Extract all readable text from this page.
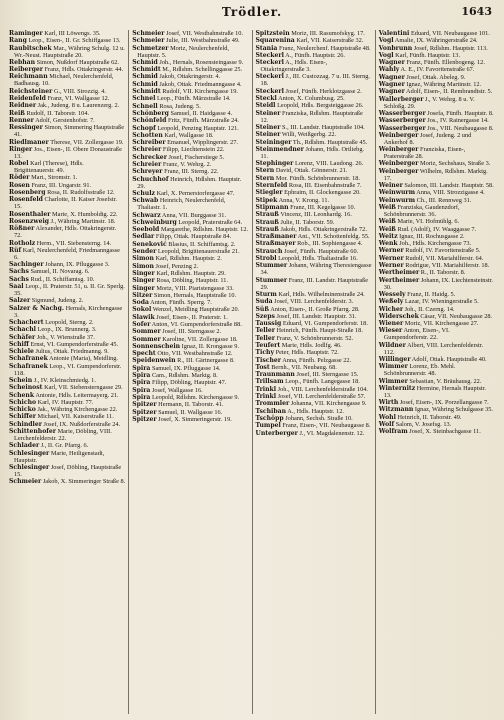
Trödler.	1643
Raminger Karl, III Löwengs. 35.
Rang Leop., Eisen-, II. Gr. Schiffgasse 13.
Raubitschek Mar., Währing Schulg. 12 u. Wr.-Neust. Hauptstraße 20.
Rebhan Simon, Nußdorf Hauptstraße 62.
Reiberger Franz, Hdls. Ottakringerstr. 44.
Reichmann Michael, Neulerchenfeld, Badhausg. 10.
Reichsteiner G., VIII. Strozzig. 4.
Reidenfeld Franz, VI. Wallgasse 12.
Reidner Jak., Judeng. 8 u. Laurenzerg. 2.
Reiß Rudolf, II. Taborstr. 104.
Renner Adolf, Gerstenhofstr. 7.
Ressinger Simon, Simmering Hauptstraße 41.
Riedlmaner Therese, VII. Zollergasse 19.
Ringer Jos., Eisen-, II. Obere Donaustraße 13.
Robel Karl (Therese), Hdls. Brigittenauerstr. 49.
Röder Mart., Stromstr. 1.
Rosen Franz, III. Ungarstr. 91.
Rosenberg Rosa, II. Rudolfsstraße 12.
Rosenfeld Charlotte, II. Kaiser Josefstr. 15.
Rosenthaler Marie, X. Humboldtg. 22.
Rosenzweig J., Währing Martinstr. 18.
Rößner Alexander, Hdls. Ottakringerstr. 72.
Rotholz Herm., VII. Siebensterng. 14.
Rüf Karl, Neulerchenfeld, Friedmanngasse 6.
Sachinger Johann, IX. Pfluggasse 3.
Sachs Samuel, II. Novarag. 6.
Sachs Rud., II. Schiffamtsg. 10.
Saal Leop., II. Praterstr. 51, u. II. Gr. Sperlg. 35.
Salzer Sigmund, Judeng. 2.
Salzer & Nachg. Hernals, Kirchengasse 3.
Schachert Leopold, Sterng. 2.
Schachl Leop., IX. Brunnerg. 3.
Schäfer Joh., V. Wienstraße 37.
Schiff Ernst, VI. Gumpendorferstraße 45.
Schiele Julius, Ottak. Friedmanng. 9.
Schafranek Antonie (Maria), Meidling.
Schafranek Leop., VI. Gumpendorferstr. 118.
Schein J., IV. Kleinschmiedg. 1.
Scheinost Karl, VII. Siebensterngasse 29.
Schenk Antonie, Hdls. Leitermayerg. 21.
Schicho Karl, IV. Hauptstr. 77.
Schicko Jak., Währing Kirchengasse 22.
Schiffer Michael, VII. Kaiserstraße 11.
Schindler Josef, IX. Nußdorferstraße 24.
Schittenhofer Marie, Döbling, VIII. Lerchenfelderstr. 22.
Schlader J., II. Gr. Pfarrg. 6.
Schlesinger Marie, Heiligenstadt, Hauptstr.
Schlesinger Josef, Döbling, Hauptstraße 15.
Schmeier Jakob, X. Simmeringer Straße 8.
Schmeier Josef, VII. Westbahnstraße 10.
Schmeier Julie, III. Westbahnstraße 49.
Schmetzer Moriz, Neulerchenfeld, Hauptstr. 5.
Schmid Joh., Hernals, Rosensteingasse 9.
Schmidt M., Rdlshm. Schellinggasse 25.
Schmid Jakob, Ottakringerstr. 4.
Schmid Jakob, Ottak. Friedmanngasse 4.
Schmidt Rudolf, VII. Kirchengasse 19.
Schnel Leop., Fünfh. Märzstraße 14.
Schnell Rosa, Judeng. 5.
Schönberg Samuel, II. Haidgasse 4.
Schönfeld Fritz, Fünfh. Märzstraße 24.
Schopf Leopold, Penzing Hauptstr. 121.
Schotten Karl, Wallgasse 18.
Schreiber Emanuel, Wipplingerstr. 27.
Schreier Filipp, Liechtenstein 22.
Schrecker Josef, Fischerstiege 5.
Schreier Franz, V. Wehrg. 2.
Schreyer Franz, III. Sterng. 22.
Schuchhof Heinrich, Hdlshm. Hauptstr. 29.
Schulz Karl, X. Pernerstorfergasse 47.
Schwab Heinrich, Neulerchenfeld, Thaliastr. 1.
Schwarz Anna, VII. Burggasse 31.
Schweinburg Leopold, Praterstraße 64.
Seebold Margarethe, Rdlshm. Hauptstr. 12.
Sedlar Filipp, Ottak. Hauptstraße 84.
Seneković Blasius, II. Schiffamtsg. 2.
Sender Leopold, Brigittenauerstraße 21.
Simon Karl, Rdlshm. Hauptstr. 2.
Simon Josef, Penzing 2.
Singer Karl, Rdlshm. Hauptstr. 29.
Singer Rosa, Döbling, Hauptstr. 11.
Singer Moriz, VIII. Piaristengasse 33.
Sitzer Simon, Hernals, Hauptstraße 10.
Soda Anton, Fünfh. Sperrg. 7.
Sokol Wenzel, Meidling Hauptstraße 20.
Slawik Josef, Eisen-, II. Praterstr. 1.
Sofer Anton, VI. Gumpendorferstraße 88.
Sommer Josef, III. Sterngasse 2.
Sommer Karoline, VII. Zollergasse 18.
Sonnenschein Ignaz, II. Krongasse 9.
Specht Otto, VII. Westbahnstraße 12.
Speidenwein R., III. Gärtnergasse 8.
Spira Samuel, IX. Pfluggasse 14.
Spira Cam., Rdlshm. Marktg. 8.
Spira Filipp, Döbling, Hauptstr. 47.
Spira Josef, Wallgasse 16.
Spira Leopold, Rdlshm. Kirchengasse 9.
Spitzer Hermann, II. Taborstr. 41.
Spitzer Samuel, II. Wallgasse 16.
Spitzer Josef, X. Simmeringerstr. 19.
Spitzstein Moriz, III. Rasumofskyg. 17.
Squarenina Karl, VII. Kaiserstraße 32.
Stania Franz, Neulerchenf. Hauptstraße 48.
Steckerl A., Fünfh. Hauptstr. 26.
Steckerl A., Hdls. Eisen-, Ottakringerstraße 3.
Steckerl J., III. Custozzag. 7 u. III. Sterng. 18.
Steckerl Josef, Fünfh. Herklotzgasse 2.
Steckl Anton, X. Columbusg. 25.
Steidl Leopold, Hdls. Bergsteiggasse 26.
Steiner Franziska, Rdlshm. Hauptstraße 12.
Steiner S., III. Landstr. Hauptstraße 104.
Steiner Willi, Weißgerbg. 22.
Steininger Th., Rdlshm. Hauptstraße 45.
Steinmendner Johann, Hdls. Ortliebg. 11.
Stephinger Lorenz, VIII. Laudong. 26.
Stern David, Ottak. Gönnerstr. 21.
Stern Mor. Fünfh. Schönbrunnerstr. 18.
Sternfeld Rosa, III. Eisenbahnstraße 7.
Stiegler Ephraim, II. Glockengasse 20.
Stipek Anna, V. Krong. 11.
Stipmann Franz, III. Kegelgasse 10.
Strauß Vincenz, III. Leonhardg. 16.
Strauß Julie, II. Taborstr. 59.
Strauß Jakob, Hdls. Ottakringerstraße 72.
Straßmaner Ant., VII. Schottenfeldg. 55.
Straßmayer Rob., III. Sophiengasse 4.
Strauch Josef, Fünfh. Hauptstraße 60.
Strobl Leopold, Hdls. Thaliastraße 16.
Stummer Johann, Währing Theresiengasse 34.
Stummer Franz, III. Landstr. Hauptstraße 29.
Sturm Karl, Hdls. Wilhelminenstraße 24.
Suda Josef, VIII. Lerchenfelderstr. 3.
Süß Anton, Eisen-, II. Große Pfarrg. 28.
Szeps Josef, III. Landstr. Hauptstr. 31.
Taussig Eduard, VI. Gumpendorferstr. 18.
Teller Heinrich, Fünfh. Haupt-Straße 18.
Teller Franz, V. Schönbrunnerstr. 52.
Teufert Marie, Hdls. Jodlfg. 46.
Tichy Peter, Hdls. Hauptstr. 72.
Tischer Anna, Fünfh. Pelzgasse 22.
Tost Bernh., VII. Neubaug. 68.
Traunmann Josef, III. Sterngasse 15.
Trillsam Leop., Fünfh. Langegasse 18.
Trinkl Joh., VIII. Lerchenfelderstraße 104.
Trinkl Josef, VII. Lerchenfelderstraße 57.
Trommler Johanna, VII. Kirchengasse 9.
Tschiban A., Hdls. Hauptstr. 12.
Tschöpp Johann, Sechsh. Straße 10.
Tumpel Franz, Eisen-, VII. Neubaugasse 8.
Unterberger J., VI. Magdalenenstr. 12.
Valentini Eduard, VII. Neubaugasse 101.
Vogl Amalie, IX. Währingerstraße 24.
Vonbrunn Josef, Rdlshm. Hauptstr. 113.
Vogl Karl, Fünfh. Hauptstr. 13.
Wagner Franz, Fünfh. Ellenbogeng. 12.
Wahly A. E., IV. Favoritenstraße 67.
Wagner Josef, Ottak. Abeleg. 9.
Wagner Ignaz, Währing Martinstr. 12.
Wagner Adolf, Eisen-, II. Rembrandtstr. 5.
Wallerberger J., V. Wehrg. 8 u. V. Schloßg. 29.
Wasserberger Josefa, Fünfh. Hauptstr. 8.
Wasserberger Jos., IV. Rainergasse 14.
Wasserberger Jos., VIII. Neubaugasse 8.
Weinberger Josef, Judeng. 2 und Ankerhof 8.
Weinberger Franziska, Eisen-, Praterstraße 28.
Weinberger Moriz, Sechshaus, Straße 3.
Weinberger Wilhelm, Rdlshm. Marktg. 17.
Weiner Salomon, III. Landstr. Hauptstr. 58.
Weinwurm Anna, VIII. Strozzigasse 4.
Weinwurm Ch., III. Rennweg 31.
Weiß Franziska, Gaudenzdorf, Schönbrunnerstr. 36.
Weiß Marie, VI. Hofmühlg. 6.
Weiß Rud. (Adolf), IV. Waaggasse 7.
Weitz Ignaz, III. Rochusgasse 2.
Wenk Joh., Hdls. Kirchengasse 73.
Werner Rudolf, IV. Favoritenstraße 5.
Werner Rudolf, VII. Mariahilferstr. 64.
Werner Rodrigue, VII. Mariahilferstr. 18.
Wertheimer R., II. Taborstr. 8.
Wertheimer Johann, IX. Liechtensteinstr. 30.
Wessely Franz, II. Haidg. 5.
Weßely Lazar, IV. Wieningerstraße 5.
Wicher Joh., II. Czerng. 14.
Widerschek Cäsar, VII. Neubaugasse 28.
Wiener Moriz, VII. Kirchengasse 27.
Wieser Anton, Eisen-, VI. Gumpendorferstr. 22.
Wildner Albert, VIII. Lerchenfelderstr. 112.
Willinger Adolf, Ottak. Hauptstraße 40.
Wimmer Lorenz, Eb. Mehl. Schönbrunnerstr. 48.
Wimmer Sebastian, V. Bräuhausg. 22.
Winternitz Hermine, Hernals Hauptstr. 13.
Wirth Josef, Eisen-, IX. Porzellangasse 7.
Witzmann Ignaz, Währing Schulgasse 35.
Wohl Heinrich, II. Taborstr. 49.
Wolf Salom, V. Josefsg. 13.
Wolfram Josef, X. Steinbachgasse 11.
